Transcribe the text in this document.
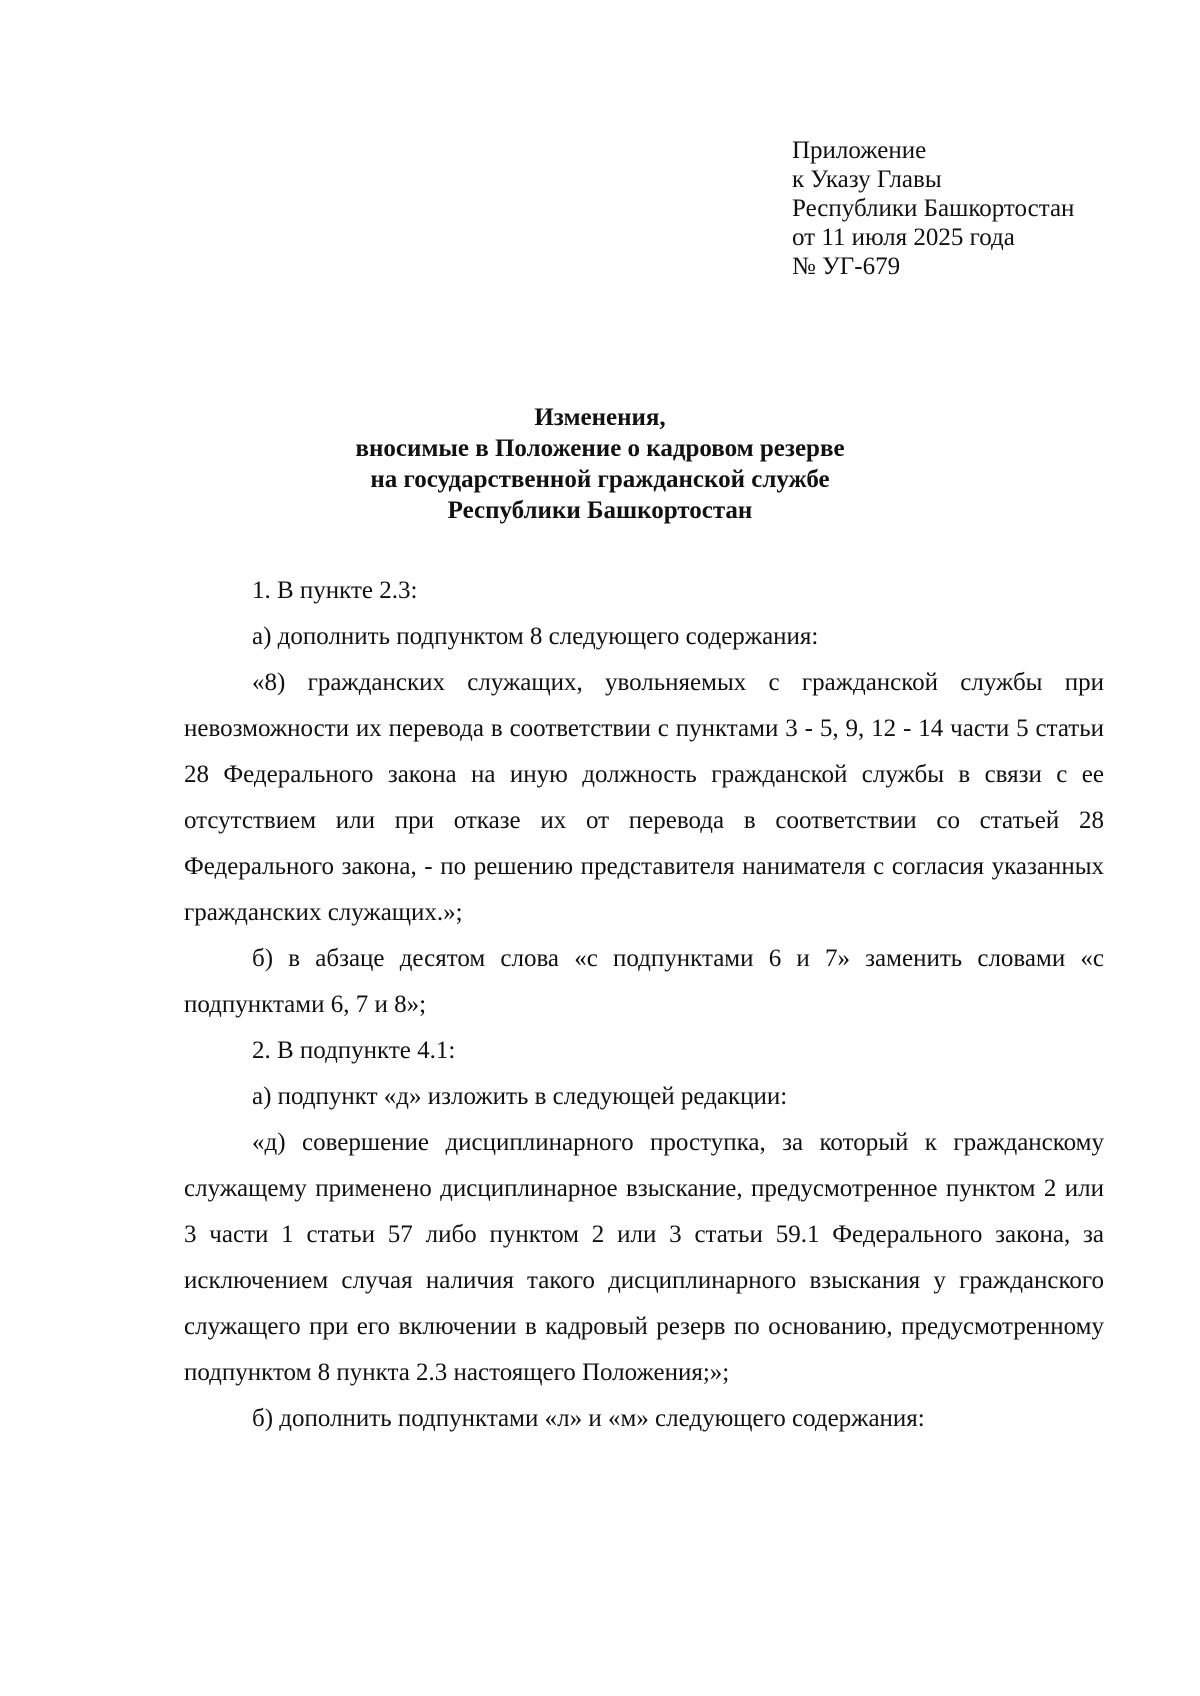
Приложение
к Указу Главы
Республики Башкортостан
от 11 июля 2025 года
№ УГ-679
Изменения,
вносимые в Положение о кадровом резерве
на государственной гражданской службе
Республики Башкортостан

1. В пункте 2.3:

а) дополнить подпунктом 8 следующего содержания:

«8) гражданских служащих, увольняемых с гражданской службы при невозможности их перевода в соответствии с пунктами 3 - 5, 9, 12 - 14 части 5 статьи 28 Федерального закона на иную должность гражданской службы в связи с ее отсутствием или при отказе их от перевода в соответствии со статьей 28 Федерального закона, - по решению представителя нанимателя с согласия указанных гражданских служащих.»;

б) в абзаце десятом слова «с подпунктами 6 и 7» заменить словами «с подпунктами 6, 7 и 8»;

2. В подпункте 4.1:

а) подпункт «д» изложить в следующей редакции:

«д) совершение дисциплинарного проступка, за который к гражданскому служащему применено дисциплинарное взыскание, предусмотренное пунктом 2 или 3 части 1 статьи 57 либо пунктом 2 или 3 статьи 59.1 Федерального закона, за исключением случая наличия такого дисциплинарного взыскания у гражданского служащего при его включении в кадровый резерв по основанию, предусмотренному подпунктом 8 пункта 2.3 настоящего Положения;»;

б) дополнить подпунктами «л» и «м» следующего содержания:
